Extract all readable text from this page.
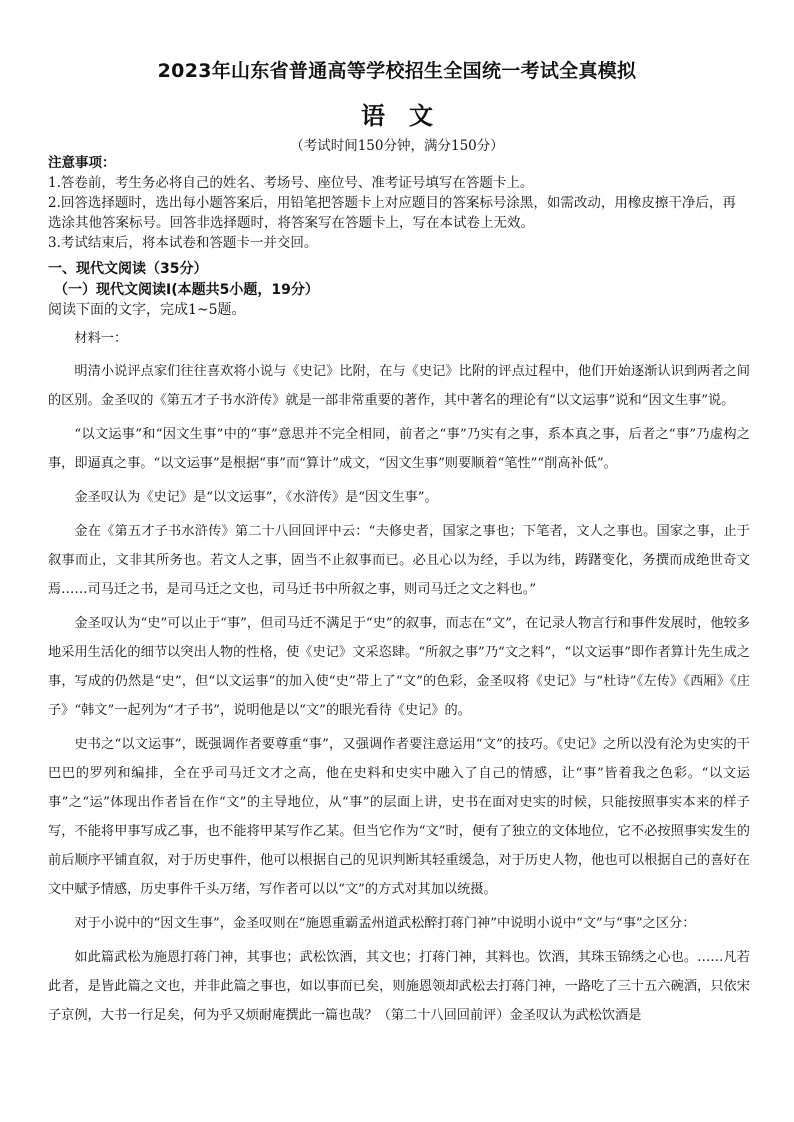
2023年山东省普通高等学校招生全国统一考试全真模拟
语　文
（考试时间150分钟，满分150分）
注意事项：

1.答卷前，考生务必将自己的姓名、考场号、座位号、准考证号填写在答题卡上。

2.回答选择题时，选出每小题答案后，用铅笔把答题卡上对应题目的答案标号涂黑，如需改动，用橡皮擦干净后，再选涂其他答案标号。回答非选择题时，将答案写在答题卡上，写在本试卷上无效。

3.考试结束后，将本试卷和答题卡一并交回。

一、现代文阅读（35分）
（一）现代文阅读Ⅰ(本题共5小题，19分）
阅读下面的文字，完成1~5题。

材料一：

明清小说评点家们往往喜欢将小说与《史记》比附，在与《史记》比附的评点过程中，他们开始逐渐认识到两者之间的区别。金圣叹的《第五才子书水浒传》就是一部非常重要的著作，其中著名的理论有“以文运事”说和“因文生事”说。

“以文运事”和“因文生事”中的“事”意思并不完全相同，前者之“事”乃实有之事，系本真之事，后者之“事”乃虚构之事，即逼真之事。“以文运事”是根据“事”而“算计”成文，“因文生事”则要顺着“笔性”“削高补低”。

金圣叹认为《史记》是“以文运事”，《水浒传》是“因文生事”。

金在《第五才子书水浒传》第二十八回回评中云：“夫修史者，国家之事也；下笔者，文人之事也。国家之事，止于叙事而止，文非其所务也。若文人之事，固当不止叙事而已。必且心以为经，手以为纬，踌躇变化，务撰而成绝世奇文焉……司马迁之书，是司马迁之文也，司马迁书中所叙之事，则司马迁之文之料也。”

金圣叹认为“史”可以止于“事”，但司马迁不满足于“史”的叙事，而志在“文”，在记录人物言行和事件发展时，他较多地采用生活化的细节以突出人物的性格，使《史记》文采恣肆。“所叙之事”乃“文之料”，“以文运事”即作者算计先生成之事，写成的仍然是“史”，但“以文运事”的加入使“史”带上了“文”的色彩，金圣叹将《史记》与“杜诗”《左传》《西厢》《庄子》“韩文”一起列为“才子书”，说明他是以“文”的眼光看待《史记》的。

史书之“以文运事”，既强调作者要尊重“事”，又强调作者要注意运用“文”的技巧。《史记》之所以没有沦为史实的干巴巴的罗列和编排，全在乎司马迁文才之高，他在史料和史实中融入了自己的情感，让“事”皆着我之色彩。“以文运事”之“运”体现出作者旨在作“文”的主导地位，从“事”的层面上讲，史书在面对史实的时候，只能按照事实本来的样子写，不能将甲事写成乙事，也不能将甲某写作乙某。但当它作为“文”时，便有了独立的文体地位，它不必按照事实发生的前后顺序平铺直叙，对于历史事件，他可以根据自己的见识判断其轻重缓急，对于历史人物，他也可以根据自己的喜好在文中赋予情感，历史事件千头万绪，写作者可以以“文”的方式对其加以统摄。

对于小说中的“因文生事”，金圣叹则在“施恩重霸孟州道武松醉打蒋门神”中说明小说中“文”与“事”之区分：

如此篇武松为施恩打蒋门神，其事也；武松饮酒，其文也；打蒋门神，其料也。饮酒，其珠玉锦绣之心也。……凡若此者，是皆此篇之文也，并非此篇之事也，如以事而已矣，则施恩领却武松去打蒋门神，一路吃了三十五六碗酒，只依宋子京例，大书一行足矣，何为乎又烦耐庵撰此一篇也哉？（第二十八回回前评）金圣叹认为武松饮酒是
